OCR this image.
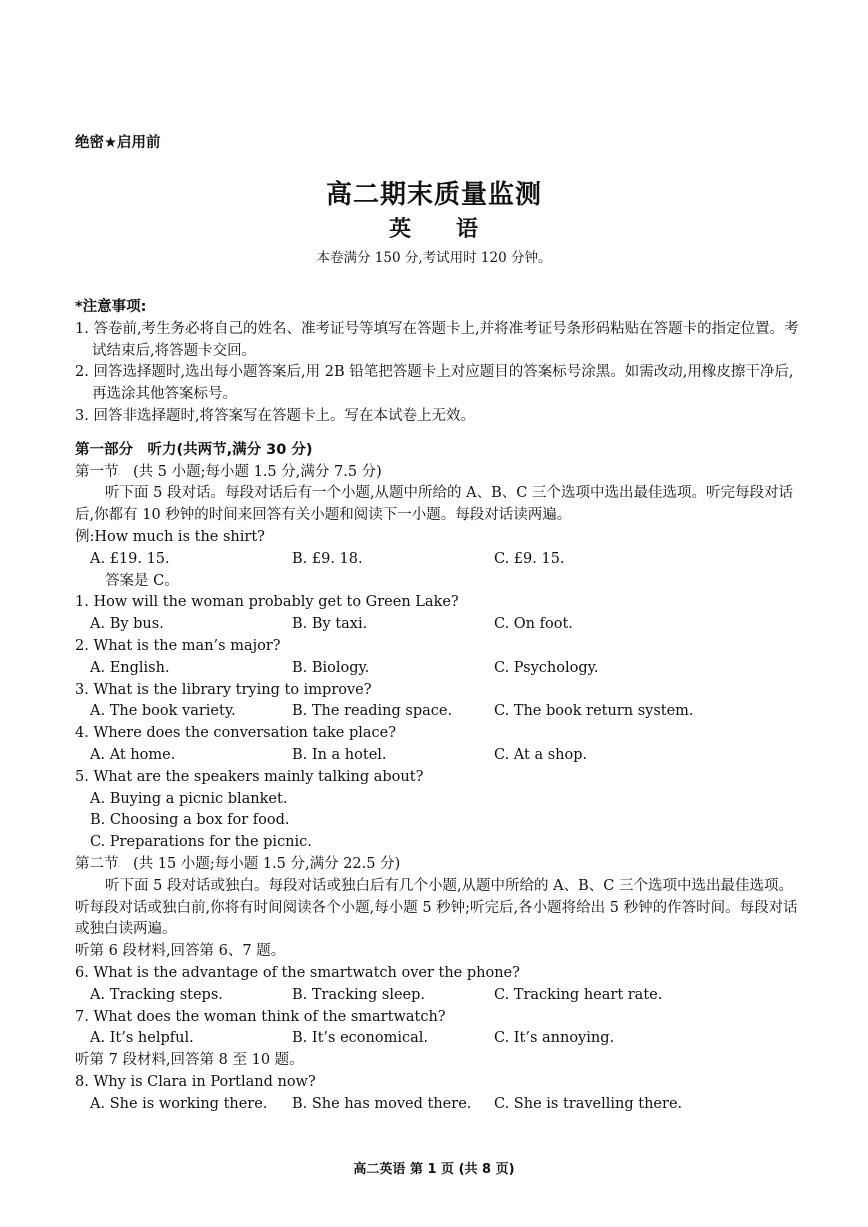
绝密★启用前
高二期末质量监测
英 语
本卷满分 150 分,考试用时 120 分钟。
*注意事项:
1. 答卷前,考生务必将自己的姓名、准考证号等填写在答题卡上,并将准考证号条形码粘贴在答题卡的指定位置。考试结束后,将答题卡交回。
2. 回答选择题时,选出每小题答案后,用 2B 铅笔把答题卡上对应题目的答案标号涂黑。如需改动,用橡皮擦干净后,再选涂其他答案标号。
3. 回答非选择题时,将答案写在答题卡上。写在本试卷上无效。
第一部分　听力(共两节,满分 30 分)
第一节　(共 5 小题;每小题 1.5 分,满分 7.5 分)
听下面 5 段对话。每段对话后有一个小题,从题中所给的 A、B、C 三个选项中选出最佳选项。听完每段对话后,你都有 10 秒钟的时间来回答有关小题和阅读下一小题。每段对话读两遍。
例:How much is the shirt?
A. £19. 15.	B. £9. 18.	C. £9. 15.
答案是 C。
1. How will the woman probably get to Green Lake?
A. By bus.	B. By taxi.	C. On foot.
2. What is the man’s major?
A. English.	B. Biology.	C. Psychology.
3. What is the library trying to improve?
A. The book variety.	B. The reading space.	C. The book return system.
4. Where does the conversation take place?
A. At home.	B. In a hotel.	C. At a shop.
5. What are the speakers mainly talking about?
A. Buying a picnic blanket.
B. Choosing a box for food.
C. Preparations for the picnic.
第二节　(共 15 小题;每小题 1.5 分,满分 22.5 分)
听下面 5 段对话或独白。每段对话或独白后有几个小题,从题中所给的 A、B、C 三个选项中选出最佳选项。听每段对话或独白前,你将有时间阅读各个小题,每小题 5 秒钟;听完后,各小题将给出 5 秒钟的作答时间。每段对话或独白读两遍。
听第 6 段材料,回答第 6、7 题。
6. What is the advantage of the smartwatch over the phone?
A. Tracking steps.	B. Tracking sleep.	C. Tracking heart rate.
7. What does the woman think of the smartwatch?
A. It’s helpful.	B. It’s economical.	C. It’s annoying.
听第 7 段材料,回答第 8 至 10 题。
8. Why is Clara in Portland now?
A. She is working there.	B. She has moved there.	C. She is travelling there.
高二英语 第 1 页 (共 8 页)
